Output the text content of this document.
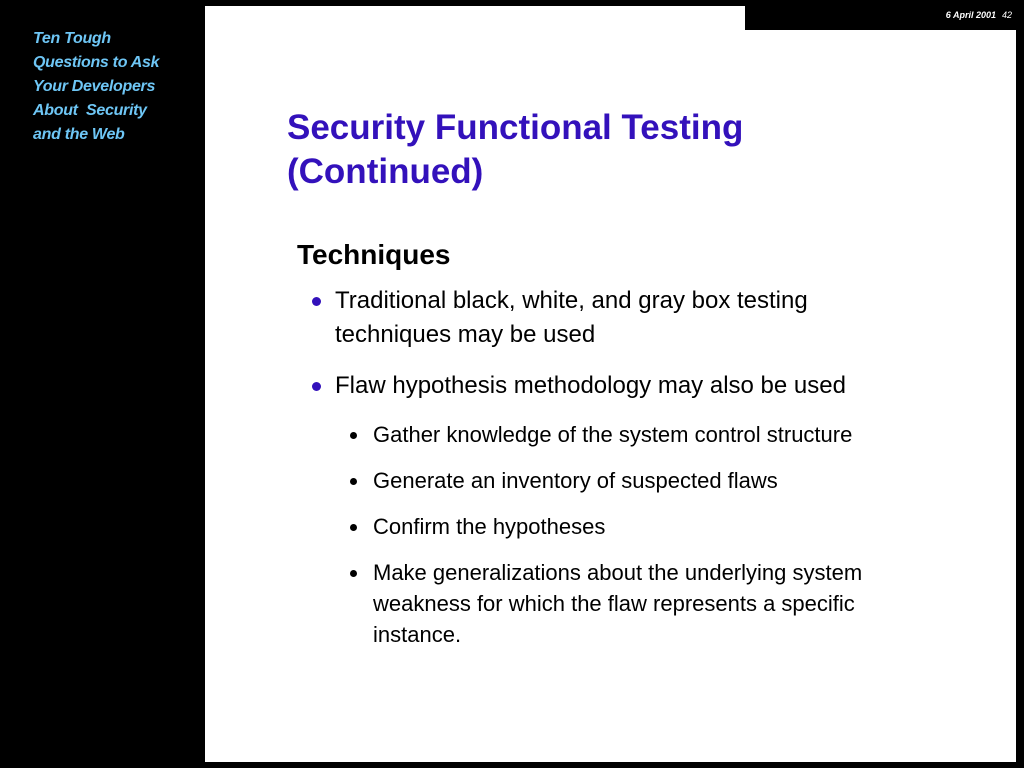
Ten Tough
Questions to Ask
Your Developers
About  Security
and the Web
6 April 2001 42
Security Functional Testing
(Continued)
Techniques
Traditional black, white, and gray box testing
techniques may be used
Flaw hypothesis methodology may also be used
Gather knowledge of the system control structure
Generate an inventory of suspected flaws
Confirm the hypotheses
Make generalizations about the underlying system
weakness for which the flaw represents a specific
instance.
